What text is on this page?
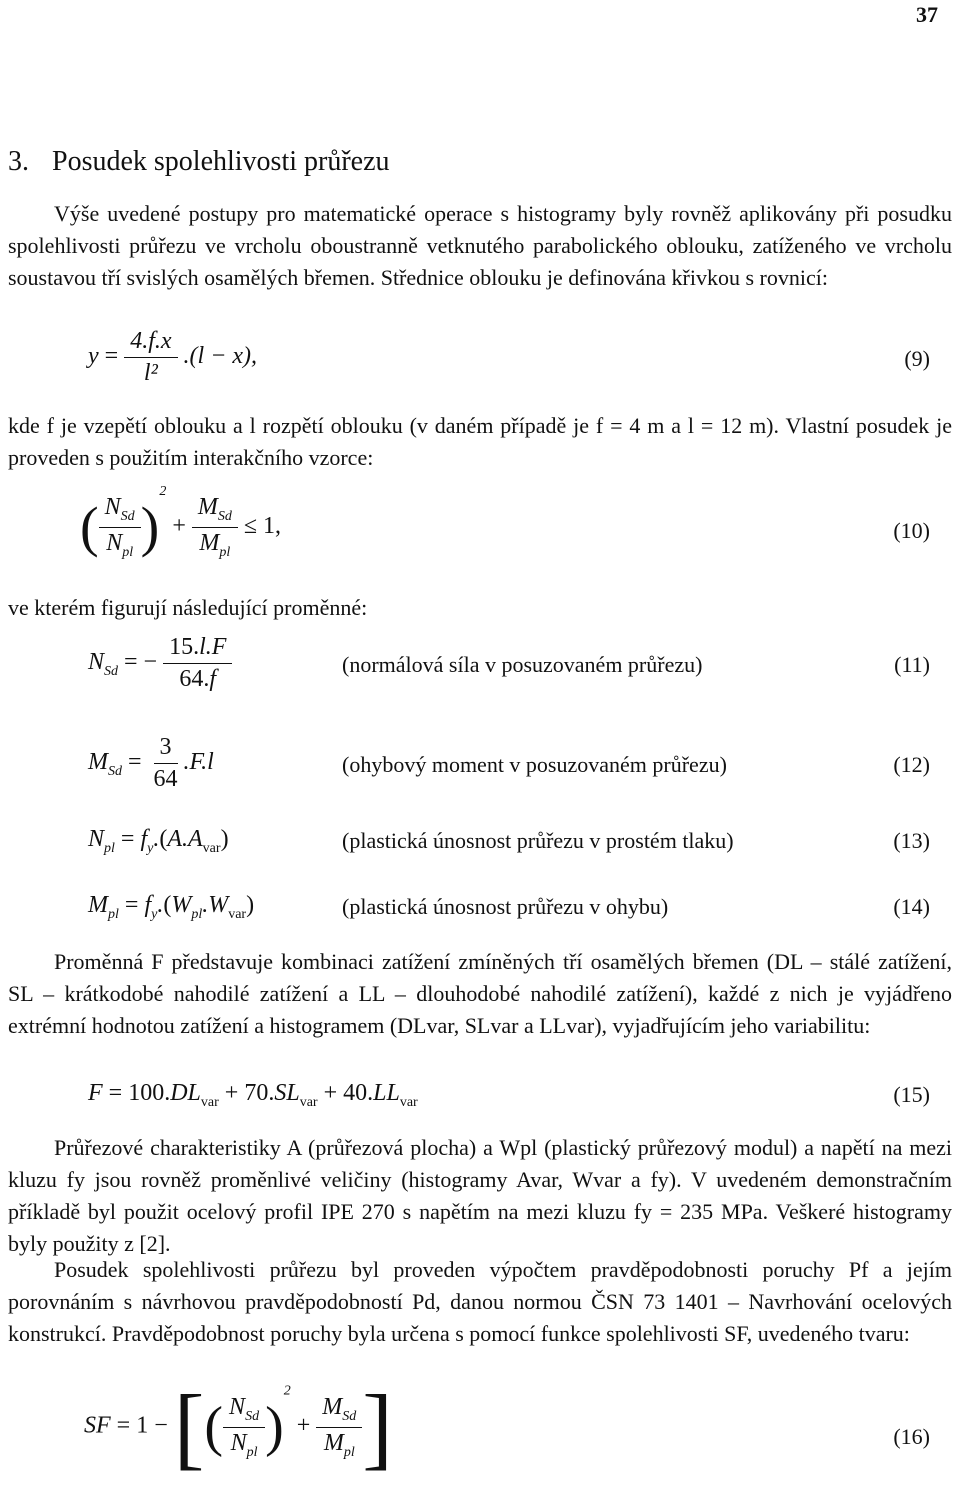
37
3. Posudek spolehlivosti průřezu
Výše uvedené postupy pro matematické operace s histogramy byly rovněž aplikovány při posudku spolehlivosti průřezu ve vrcholu oboustranně vetknutého parabolického oblouku, zatíženého ve vrcholu soustavou tří svislých osamělých břemen. Střednice oblouku je definována křivkou s rovnicí:
$y = \frac{4.f.x}{\text{l²}} .(l - x)$,	(9)
kde f je vzepětí oblouku a l rozpětí oblouku (v daném případě je f = 4 m a l = 12 m). Vlastní posudek je proveden s použitím interakčního vzorce:
( $\frac{N_{Sd}}{N_{pl}} )^2 + \frac{M_{Sd}}{M_{pl}} \le 1$,	(10)
ve kterém figurují následující proměnné:
$N_{Sd}$ = − $\frac{15.l.F}{64.f}$	(normálová síla v posuzovaném průřezu)	(11)
$M_{Sd} = \frac{3}{64} .F.l$	(ohybový moment v posuzovaném průřezu)	(12)
$N_{pl} = f_y.(A.A_{var})$	(plastická únosnost průřezu v prostém tlaku)	(13)
$M_{pl} = f_y.(W_{pl}.W_{var})$	(plastická únosnost průřezu v ohybu)	(14)
Proměnná F představuje kombinaci zatížení zmíněných tří osamělých břemen (DL – stálé zatížení, SL – krátkodobé nahodilé zatížení a LL – dlouhodobé nahodilé zatížení), každé z nich je vyjádřeno extrémní hodnotou zatížení a histogramem (DLvar, SLvar a LLvar), vyjadřujícím jeho variabilitu:
$F = 100.DL_{var} + 70.SL_{var} + 40.LL_{var}$	(15)
Průřezové charakteristiky A (průřezová plocha) a Wpl (plastický průřezový modul) a napětí na mezi kluzu fy jsou rovněž proměnlivé veličiny (histogramy Avar, Wvar a fy). V uvedeném demonstračním příkladě byl použit ocelový profil IPE 270 s napětím na mezi kluzu fy = 235 MPa. Veškeré histogramy byly použity z [2].
Posudek spolehlivosti průřezu byl proveden výpočtem pravděpodobnosti poruchy Pf a jejím porovnáním s návrhovou pravděpodobností Pd, danou normou ČSN 73 1401 – Navrhování ocelových konstrukcí. Pravděpodobnost poruchy byla určena s pomocí funkce spolehlivosti SF, uvedeného tvaru:
SF = 1 − [( $\frac{N_{Sd}}{N_{pl}} )^2 + \frac{M_{Sd}}{M_{pl}}$ ]	(16)
